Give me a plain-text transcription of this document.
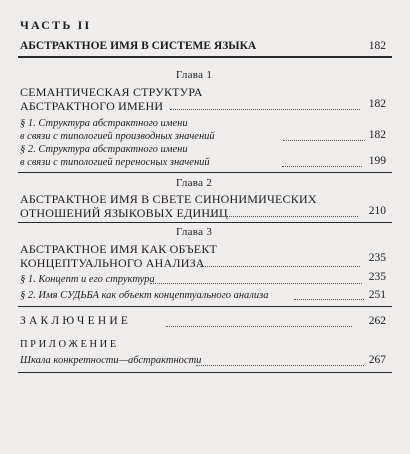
ЧАСТЬ II
АБСТРАКТНОЕ ИМЯ В СИСТЕМЕ ЯЗЫКА	182
Глава 1
СЕМАНТИЧЕСКАЯ СТРУКТУРА
АБСТРАКТНОГО ИМЕНИ	182
§ 1. Структура абстрактного имени
в связи с типологией производных значений	182
§ 2. Структура абстрактного имени
в связи с типологией переносных значений	199
Глава 2
АБСТРАКТНОЕ ИМЯ В СВЕТЕ СИНОНИМИЧЕСКИХ
ОТНОШЕНИЙ ЯЗЫКОВЫХ ЕДИНИЦ	210
Глава 3
АБСТРАКТНОЕ ИМЯ КАК ОБЪЕКТ
КОНЦЕПТУАЛЬНОГО АНАЛИЗА	235
§ 1. Концепт и его структура	235
§ 2. Имя СУДЬБА как объект концептуального анализа	251
ЗАКЛЮЧЕНИЕ	262
ПРИЛОЖЕНИЕ
Шкала конкретности—абстрактности	267
